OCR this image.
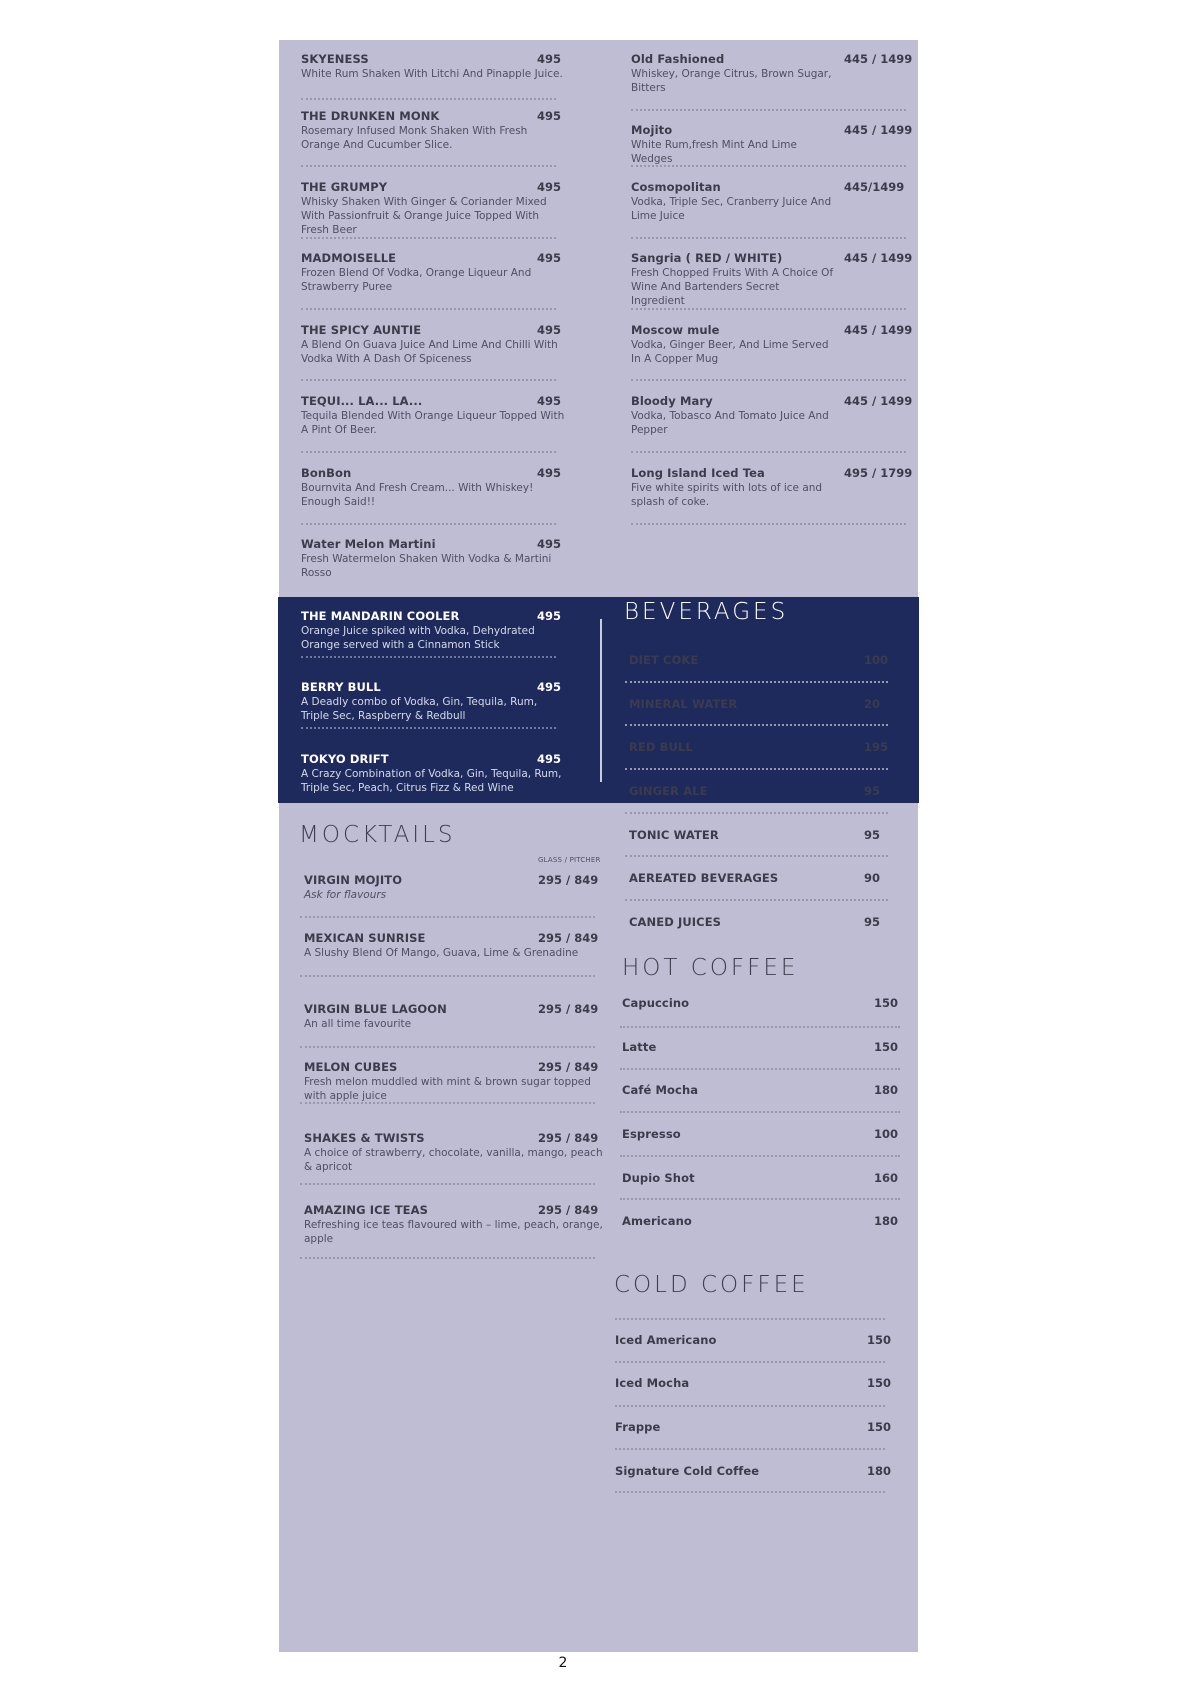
BEVERAGES
MOCKTAILS
GLASS / PITCHER
HOT COFFEE
COLD COFFEE
2
SKYENESS	495
White Rum Shaken With Litchi And Pinapple Juice.
THE DRUNKEN MONK	495
Rosemary Infused Monk Shaken With Fresh Orange And Cucumber Slice.
THE GRUMPY	495
Whisky Shaken With Ginger & Coriander Mixed With Passionfruit & Orange Juice Topped With Fresh Beer
MADMOISELLE	495
Frozen Blend Of Vodka, Orange Liqueur And Strawberry Puree
THE SPICY AUNTIE	495
A Blend On Guava Juice And Lime And Chilli With Vodka With A Dash Of Spiceness
TEQUI... LA... LA...	495
Tequila Blended With Orange Liqueur Topped With A Pint Of Beer.
BonBon	495
Bournvita And Fresh Cream... With Whiskey! Enough Said!!
Water Melon Martini	495
Fresh Watermelon Shaken With Vodka & Martini Rosso
Old Fashioned	445 / 1499
Whiskey, Orange Citrus, Brown Sugar, Bitters
Mojito	445 / 1499
White Rum,fresh Mint And Lime Wedges
Cosmopolitan	445/1499
Vodka, Triple Sec, Cranberry Juice And Lime Juice
Sangria ( RED / WHITE)	445 / 1499
Fresh Chopped Fruits With A Choice Of Wine And Bartenders Secret Ingredient
Moscow mule	445 / 1499
Vodka, Ginger Beer, And Lime Served In A Copper Mug
Bloody Mary	445 / 1499
Vodka, Tobasco And Tomato Juice And Pepper
Long Island Iced Tea	495 / 1799
Five white spirits with lots of ice and splash of coke.
THE MANDARIN COOLER	495
Orange Juice spiked with Vodka, Dehydrated Orange served with a Cinnamon Stick
BERRY BULL	495
A Deadly combo of Vodka, Gin, Tequila, Rum, Triple Sec, Raspberry & Redbull
TOKYO DRIFT	495
A Crazy Combination of Vodka, Gin, Tequila, Rum, Triple Sec, Peach, Citrus Fizz & Red Wine
DIET COKE	100
MINERAL WATER	20
RED BULL	195
GINGER ALE	95
TONIC WATER	95
AEREATED BEVERAGES	90
CANED JUICES	95
VIRGIN MOJITO	295 / 849
Ask for flavours
MEXICAN SUNRISE	295 / 849
A Slushy Blend Of Mango, Guava, Lime & Grenadine
VIRGIN BLUE LAGOON	295 / 849
An all time favourite
MELON CUBES	295 / 849
Fresh melon muddled with mint & brown sugar topped with apple juice
SHAKES & TWISTS	295 / 849
A choice of strawberry, chocolate, vanilla, mango, peach & apricot
AMAZING ICE TEAS	295 / 849
Refreshing ice teas flavoured with – lime, peach, orange, apple
Capuccino	150
Latte	150
Café Mocha	180
Espresso	100
Dupio Shot	160
Americano	180
Iced Americano	150
Iced Mocha	150
Frappe	150
Signature Cold Coffee	180
